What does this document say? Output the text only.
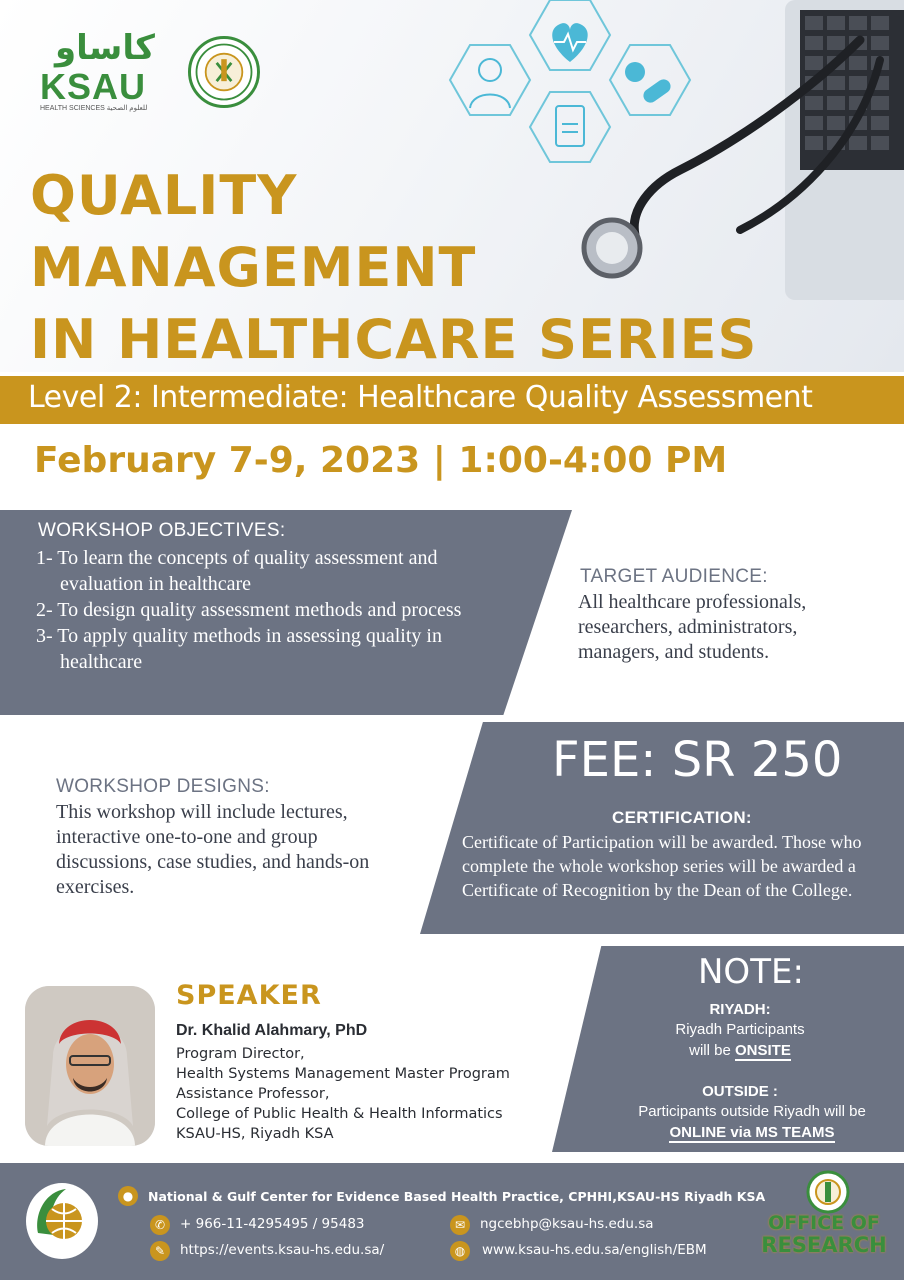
كاساو
KSAU
HEALTH SCIENCES للعلوم الصحية
QUALITY
MANAGEMENT
IN HEALTHCARE SERIES
Level 2: Intermediate: Healthcare Quality Assessment
February 7-9, 2023 | 1:00-4:00 PM
WORKSHOP OBJECTIVES:
1- To learn the concepts of quality assessment and evaluation in healthcare
2- To design quality assessment methods and process
3- To apply quality methods in assessing quality in healthcare
TARGET AUDIENCE:
All healthcare professionals, researchers, administrators, managers, and students.
FEE: SR 250
CERTIFICATION:
Certificate of Participation will be awarded. Those who complete the whole workshop series will be awarded a Certificate of Recognition by the Dean of the College.
WORKSHOP DESIGNS:
This workshop will include lectures, interactive one-to-one and group discussions, case studies, and hands-on exercises.
SPEAKER
Dr. Khalid Alahmary, PhD
Program Director,
Health Systems Management Master Program
Assistance Professor,
College of Public Health & Health Informatics
KSAU-HS, Riyadh KSA
NOTE:
RIYADH:
Riyadh Participants
will be ONSITE
OUTSIDE :
Participants outside Riyadh will be
ONLINE via MS TEAMS
●	National & Gulf Center for Evidence Based Health Practice, CPHHI,KSAU-HS Riyadh KSA
✆	+ 966-11-4295495 / 95483	✉	ngcebhp@ksau-hs.edu.sa
✎	https://events.ksau-hs.edu.sa/	◍	www.ksau-hs.edu.sa/english/EBM
OFFICE OF
RESEARCH
